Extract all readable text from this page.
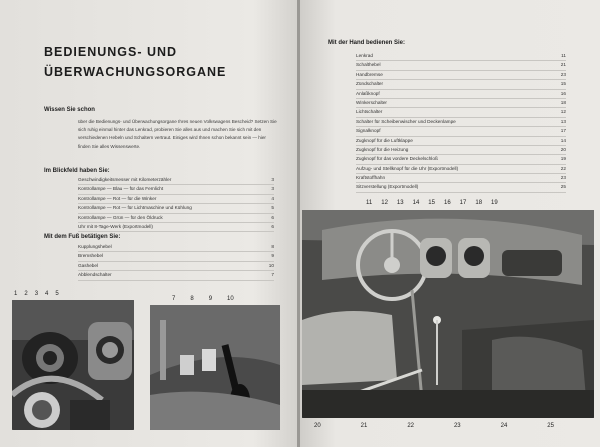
BEDIENUNGS- UND
ÜBERWACHUNGSORGANE
Wissen Sie schon
über die Bedienungs- und Überwachungsorgane Ihres neuen Volkswagens Bescheid? Setzen Sie sich ruhig einmal hinter das Lenkrad, probieren Sie alles aus und machen Sie sich mit den verschiedenen Hebeln und Schaltern vertraut. Einiges wird Ihnen schon bekannt sein — hier finden Sie alles Wissenswerte.
Im Blickfeld haben Sie:
Geschwindigkeitsmesser mit Kilometerzähler	3
Kontrollampe — Blau — für das Fernlicht	3
Kontrollampe — Rot — für die Winker	4
Kontrollampe — Rot — für Lichtmaschine und Kühlung	5
Kontrollampe — Grün — für den Öldruck	6
Uhr mit 8-Tage-Werk (Exportmodell)	6
Mit dem Fuß betätigen Sie:
Kupplungshebel	8
Bremshebel	9
Gashebel	10
Abblendschalter	7
1 2 3 4 5
7	8	9	10
Mit der Hand bedienen Sie:
Lenkrad	11
Schalthebel	21
Handbremse	23
Zündschalter	15
Anlaßknopf	16
Winkerschalter	18
Lichtschalter	12
Schalter für Scheibenwischer und Deckenlampe	13
Signalknopf	17
Zugknopf für die Luftklappe	14
Zugknopf für die Heizung	20
Zugknopf für das vordere Deckelschloß	19
Aufzug- und Stellknopf für die Uhr (Exportmodell)	22
Kraftstoffhahn	23
Sitzverstellung (Exportmodell)	25
11 12 13 14 15 16 17 18 19
20	21	22	23	24	25
